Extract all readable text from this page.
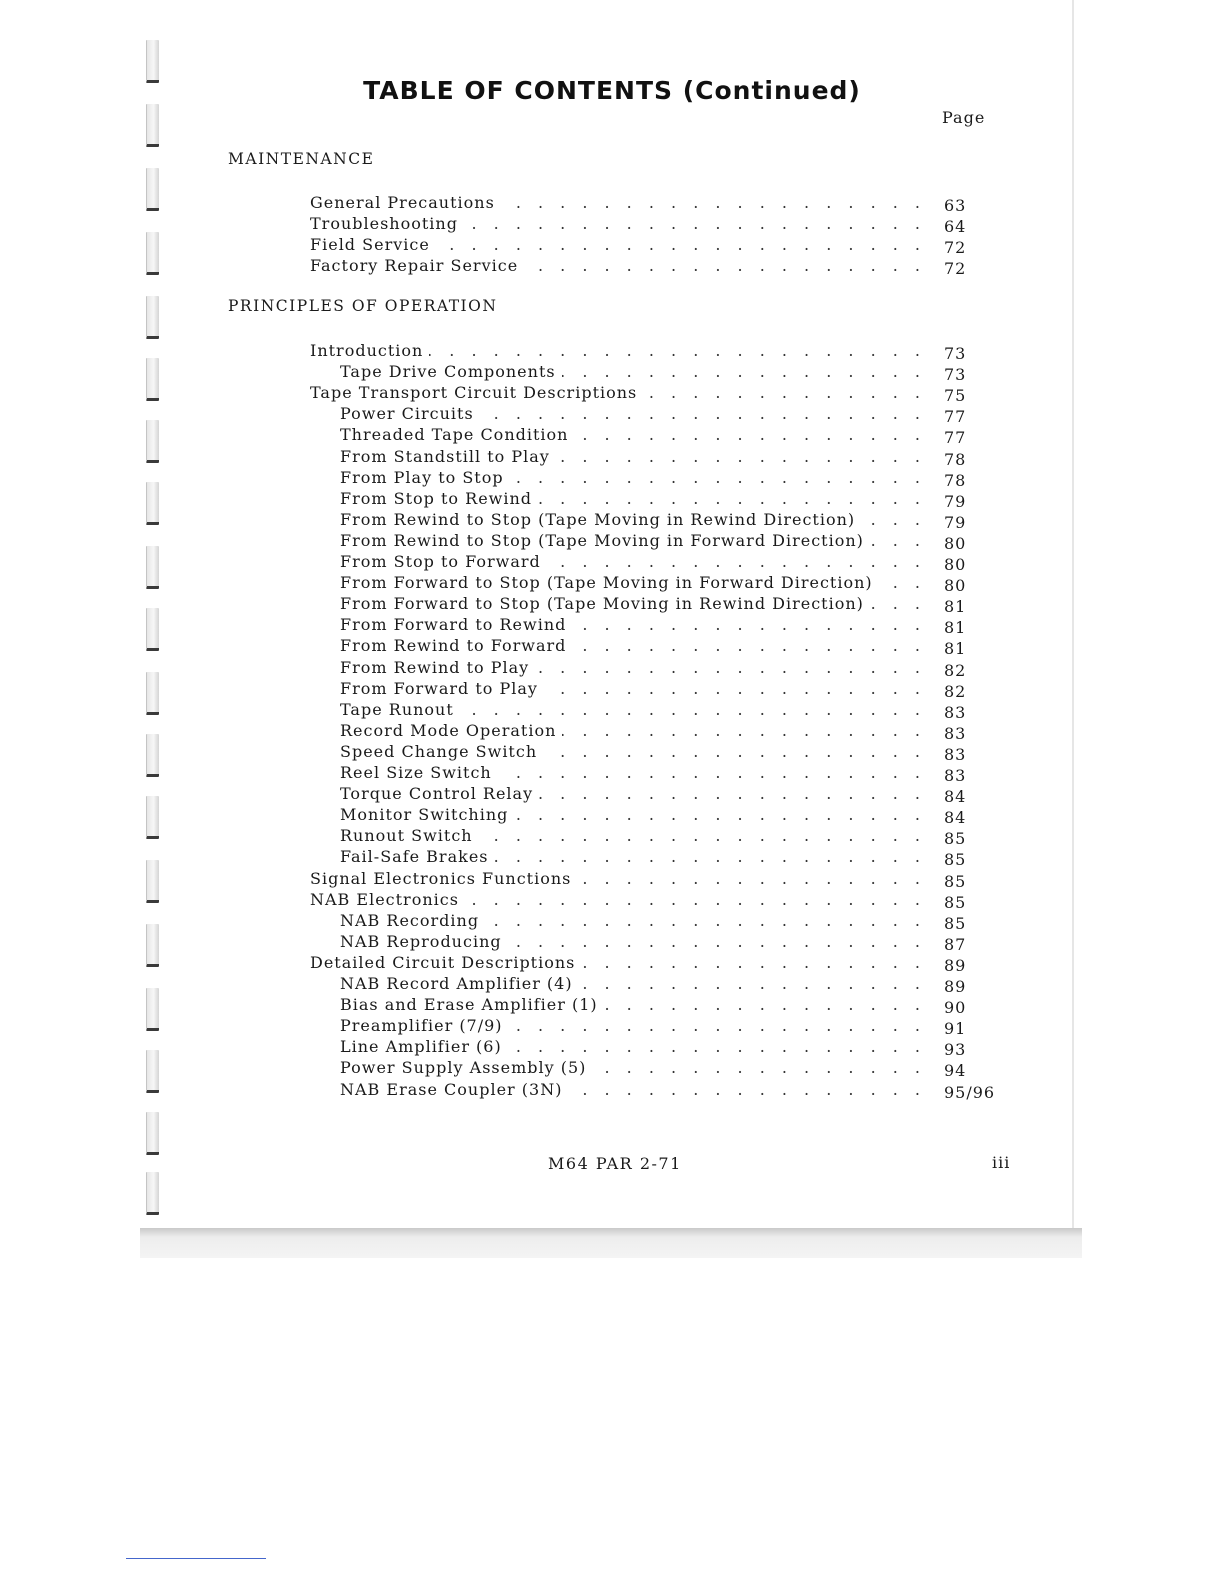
TABLE OF CONTENTS (Continued)
Page
MAINTENANCE
PRINCIPLES OF OPERATION
General Precautions . . .	63
Troubleshooting . . .	64
Field Service . . .	72
Factory Repair Service . . .	72
Introduction . . .	73
Tape Drive Components . . .	73
Tape Transport Circuit Descriptions . . .	75
Power Circuits . . .	77
Threaded Tape Condition . . .	77
From Standstill to Play . . .	78
From Play to Stop . . .	78
From Stop to Rewind . . .	79
From Rewind to Stop (Tape Moving in Rewind Direction) . . .	79
From Rewind to Stop (Tape Moving in Forward Direction) . . .	80
From Stop to Forward . . .	80
From Forward to Stop (Tape Moving in Forward Direction) . . .	80
From Forward to Stop (Tape Moving in Rewind Direction) . . .	81
From Forward to Rewind . . .	81
From Rewind to Forward . . .	81
From Rewind to Play . . .	82
From Forward to Play . . .	82
Tape Runout . . .	83
Record Mode Operation . . .	83
Speed Change Switch . . .	83
Reel Size Switch . . .	83
Torque Control Relay . . .	84
Monitor Switching . . .	84
Runout Switch . . .	85
Fail-Safe Brakes . . .	85
Signal Electronics Functions . . .	85
NAB Electronics . . .	85
NAB Recording . . .	85
NAB Reproducing . . .	87
Detailed Circuit Descriptions . . .	89
NAB Record Amplifier (4) . . .	89
Bias and Erase Amplifier (1) . . .	90
Preamplifier (7/9) . . .	91
Line Amplifier (6) . . .	93
Power Supply Assembly (5) . . .	94
NAB Erase Coupler (3N) . . .	95/96
M64 PAR 2-71	iii
